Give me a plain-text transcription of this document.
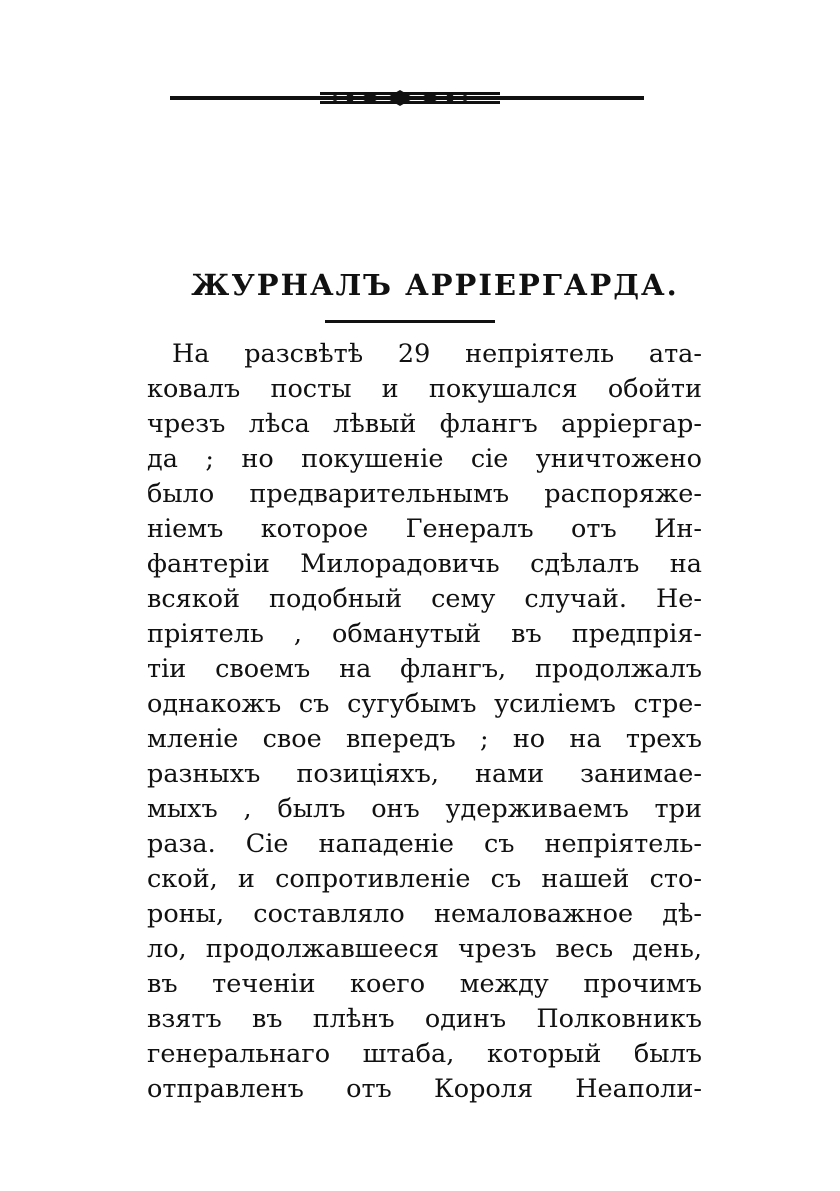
ЖУРНАЛЪ АРРІЕРГАРДА.
На разсвѣтѣ 29 непріятель ата-
ковалъ посты и покушался обойти
чрезъ лѣса лѣвый флангъ арріергар-
да ; но покушеніе сіе уничтожено
было предварительнымъ распоряже-
ніемъ которое Генералъ отъ Ин-
фантеріи Милорадовичь сдѣлалъ на
всякой подобный сему случай. Не-
пріятель , обманутый въ предпрія-
тіи своемъ на флангъ, продолжалъ
однакожъ съ сугубымъ усиліемъ стре-
мленіе свое впередъ ; но на трехъ
разныхъ позиціяхъ, нами занимае-
мыхъ , былъ онъ удерживаемъ три
раза. Сіе нападеніе съ непріятель-
ской, и сопротивленіе съ нашей сто-
роны, составляло немаловажное дѣ-
ло, продолжавшееся чрезъ весь день,
въ теченіи коего между прочимъ
взятъ въ плѣнъ одинъ Полковникъ
генеральнаго штаба, который былъ
отправленъ отъ Короля Неаполи-
